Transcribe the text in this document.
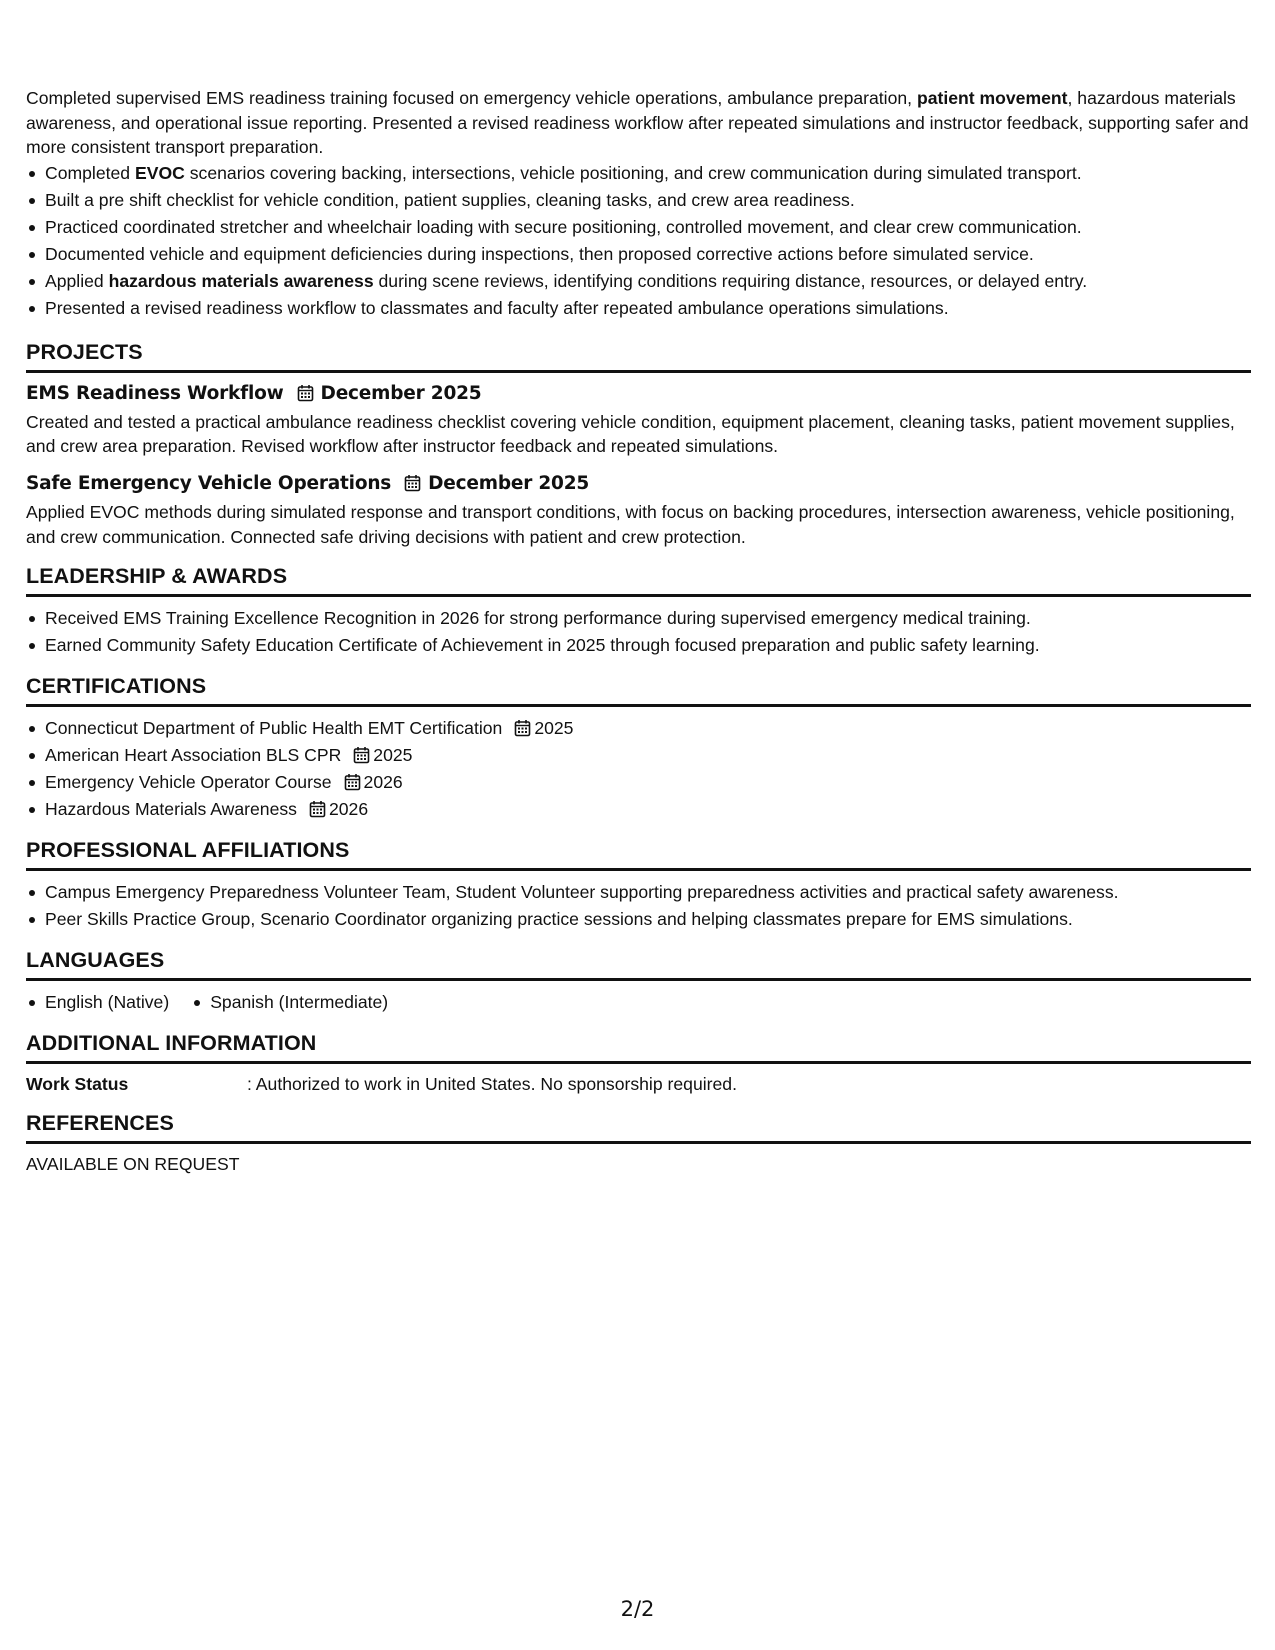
Completed supervised EMS readiness training focused on emergency vehicle operations, ambulance preparation, patient movement, hazardous materials awareness, and operational issue reporting. Presented a revised readiness workflow after repeated simulations and instructor feedback, supporting safer and more consistent transport preparation.

Completed EVOC scenarios covering backing, intersections, vehicle positioning, and crew communication during simulated transport.
Built a pre shift checklist for vehicle condition, patient supplies, cleaning tasks, and crew area readiness.
Practiced coordinated stretcher and wheelchair loading with secure positioning, controlled movement, and clear crew communication.
Documented vehicle and equipment deficiencies during inspections, then proposed corrective actions before simulated service.
Applied hazardous materials awareness during scene reviews, identifying conditions requiring distance, resources, or delayed entry.
Presented a revised readiness workflow to classmates and faculty after repeated ambulance operations simulations.
PROJECTS
EMS Readiness Workflow December 2025

Created and tested a practical ambulance readiness checklist covering vehicle condition, equipment placement, cleaning tasks, patient movement supplies, and crew area preparation. Revised workflow after instructor feedback and repeated simulations.

Safe Emergency Vehicle Operations December 2025

Applied EVOC methods during simulated response and transport conditions, with focus on backing procedures, intersection awareness, vehicle positioning, and crew communication. Connected safe driving decisions with patient and crew protection.

LEADERSHIP & AWARDS
Received EMS Training Excellence Recognition in 2026 for strong performance during supervised emergency medical training.
Earned Community Safety Education Certificate of Achievement in 2025 through focused preparation and public safety learning.
CERTIFICATIONS
Connecticut Department of Public Health EMT Certification 2025
American Heart Association BLS CPR 2025
Emergency Vehicle Operator Course 2026
Hazardous Materials Awareness 2026
PROFESSIONAL AFFILIATIONS
Campus Emergency Preparedness Volunteer Team, Student Volunteer supporting preparedness activities and practical safety awareness.
Peer Skills Practice Group, Scenario Coordinator organizing practice sessions and helping classmates prepare for EMS simulations.
LANGUAGES
English (Native)	Spanish (Intermediate)
ADDITIONAL INFORMATION
Work Status	: Authorized to work in United States. No sponsorship required.
REFERENCES
AVAILABLE ON REQUEST
2/2
